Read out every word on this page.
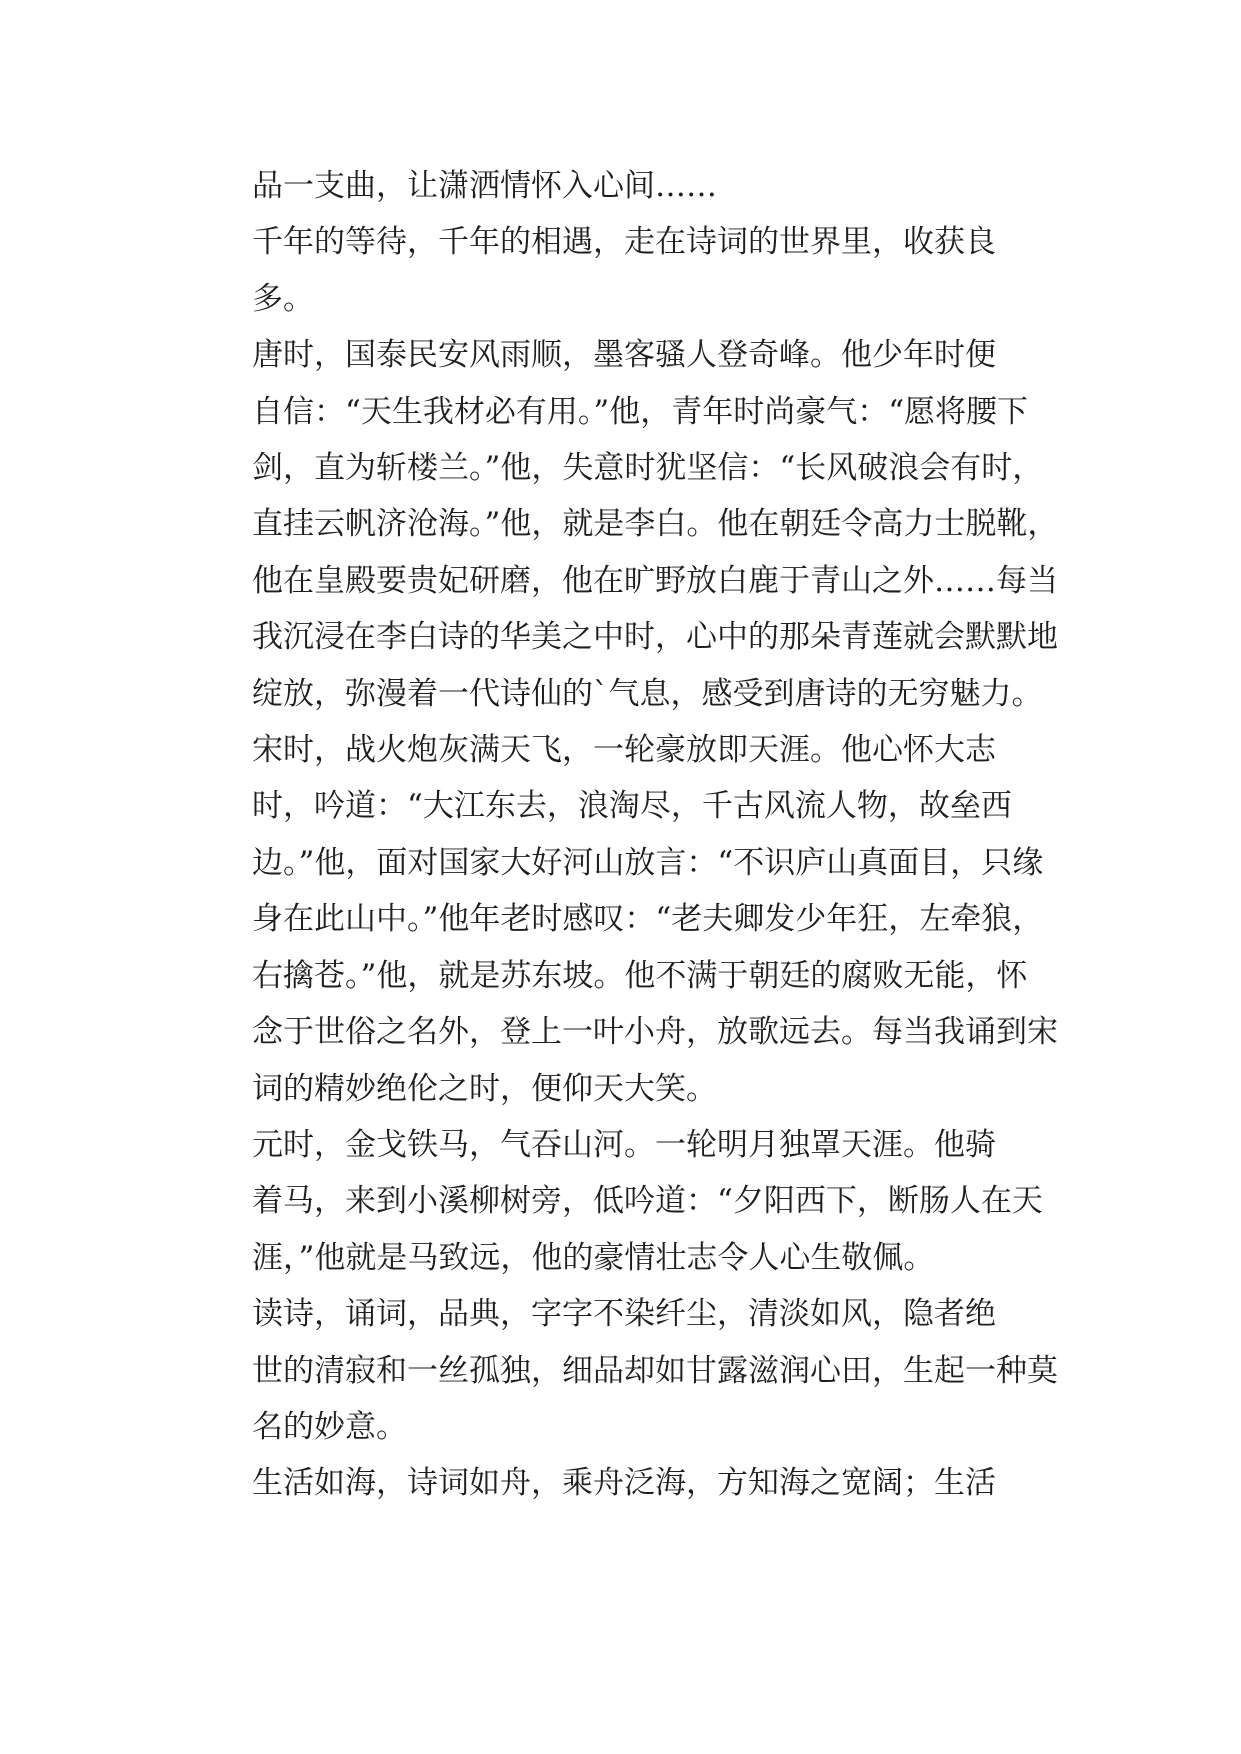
品一支曲，让潇洒情怀入心间……

千年的等待，千年的相遇，走在诗词的世界里，收获良
多。

唐时，国泰民安风雨顺，墨客骚人登奇峰。他少年时便
自信：“天生我材必有用。”他，青年时尚豪气：“愿将腰下
剑，直为斩楼兰。”他，失意时犹坚信：“长风破浪会有时，
直挂云帆济沧海。”他，就是李白。他在朝廷令高力士脱靴，
他在皇殿要贵妃研磨，他在旷野放白鹿于青山之外……每当
我沉浸在李白诗的华美之中时，心中的那朵青莲就会默默地
绽放，弥漫着一代诗仙的`气息，感受到唐诗的无穷魅力。

宋时，战火炮灰满天飞，一轮豪放即天涯。他心怀大志
时，吟道：“大江东去，浪淘尽，千古风流人物，故垒西
边。”他，面对国家大好河山放言：“不识庐山真面目，只缘
身在此山中。”他年老时感叹：“老夫卿发少年狂，左牵狼，
右擒苍。”他，就是苏东坡。他不满于朝廷的腐败无能，怀
念于世俗之名外，登上一叶小舟，放歌远去。每当我诵到宋
词的精妙绝伦之时，便仰天大笑。

元时，金戈铁马，气吞山河。一轮明月独罩天涯。他骑
着马，来到小溪柳树旁，低吟道：“夕阳西下，断肠人在天
涯，”他就是马致远，他的豪情壮志令人心生敬佩。

读诗，诵词，品典，字字不染纤尘，清淡如风，隐者绝
世的清寂和一丝孤独，细品却如甘露滋润心田，生起一种莫
名的妙意。

生活如海，诗词如舟，乘舟泛海，方知海之宽阔；生活
